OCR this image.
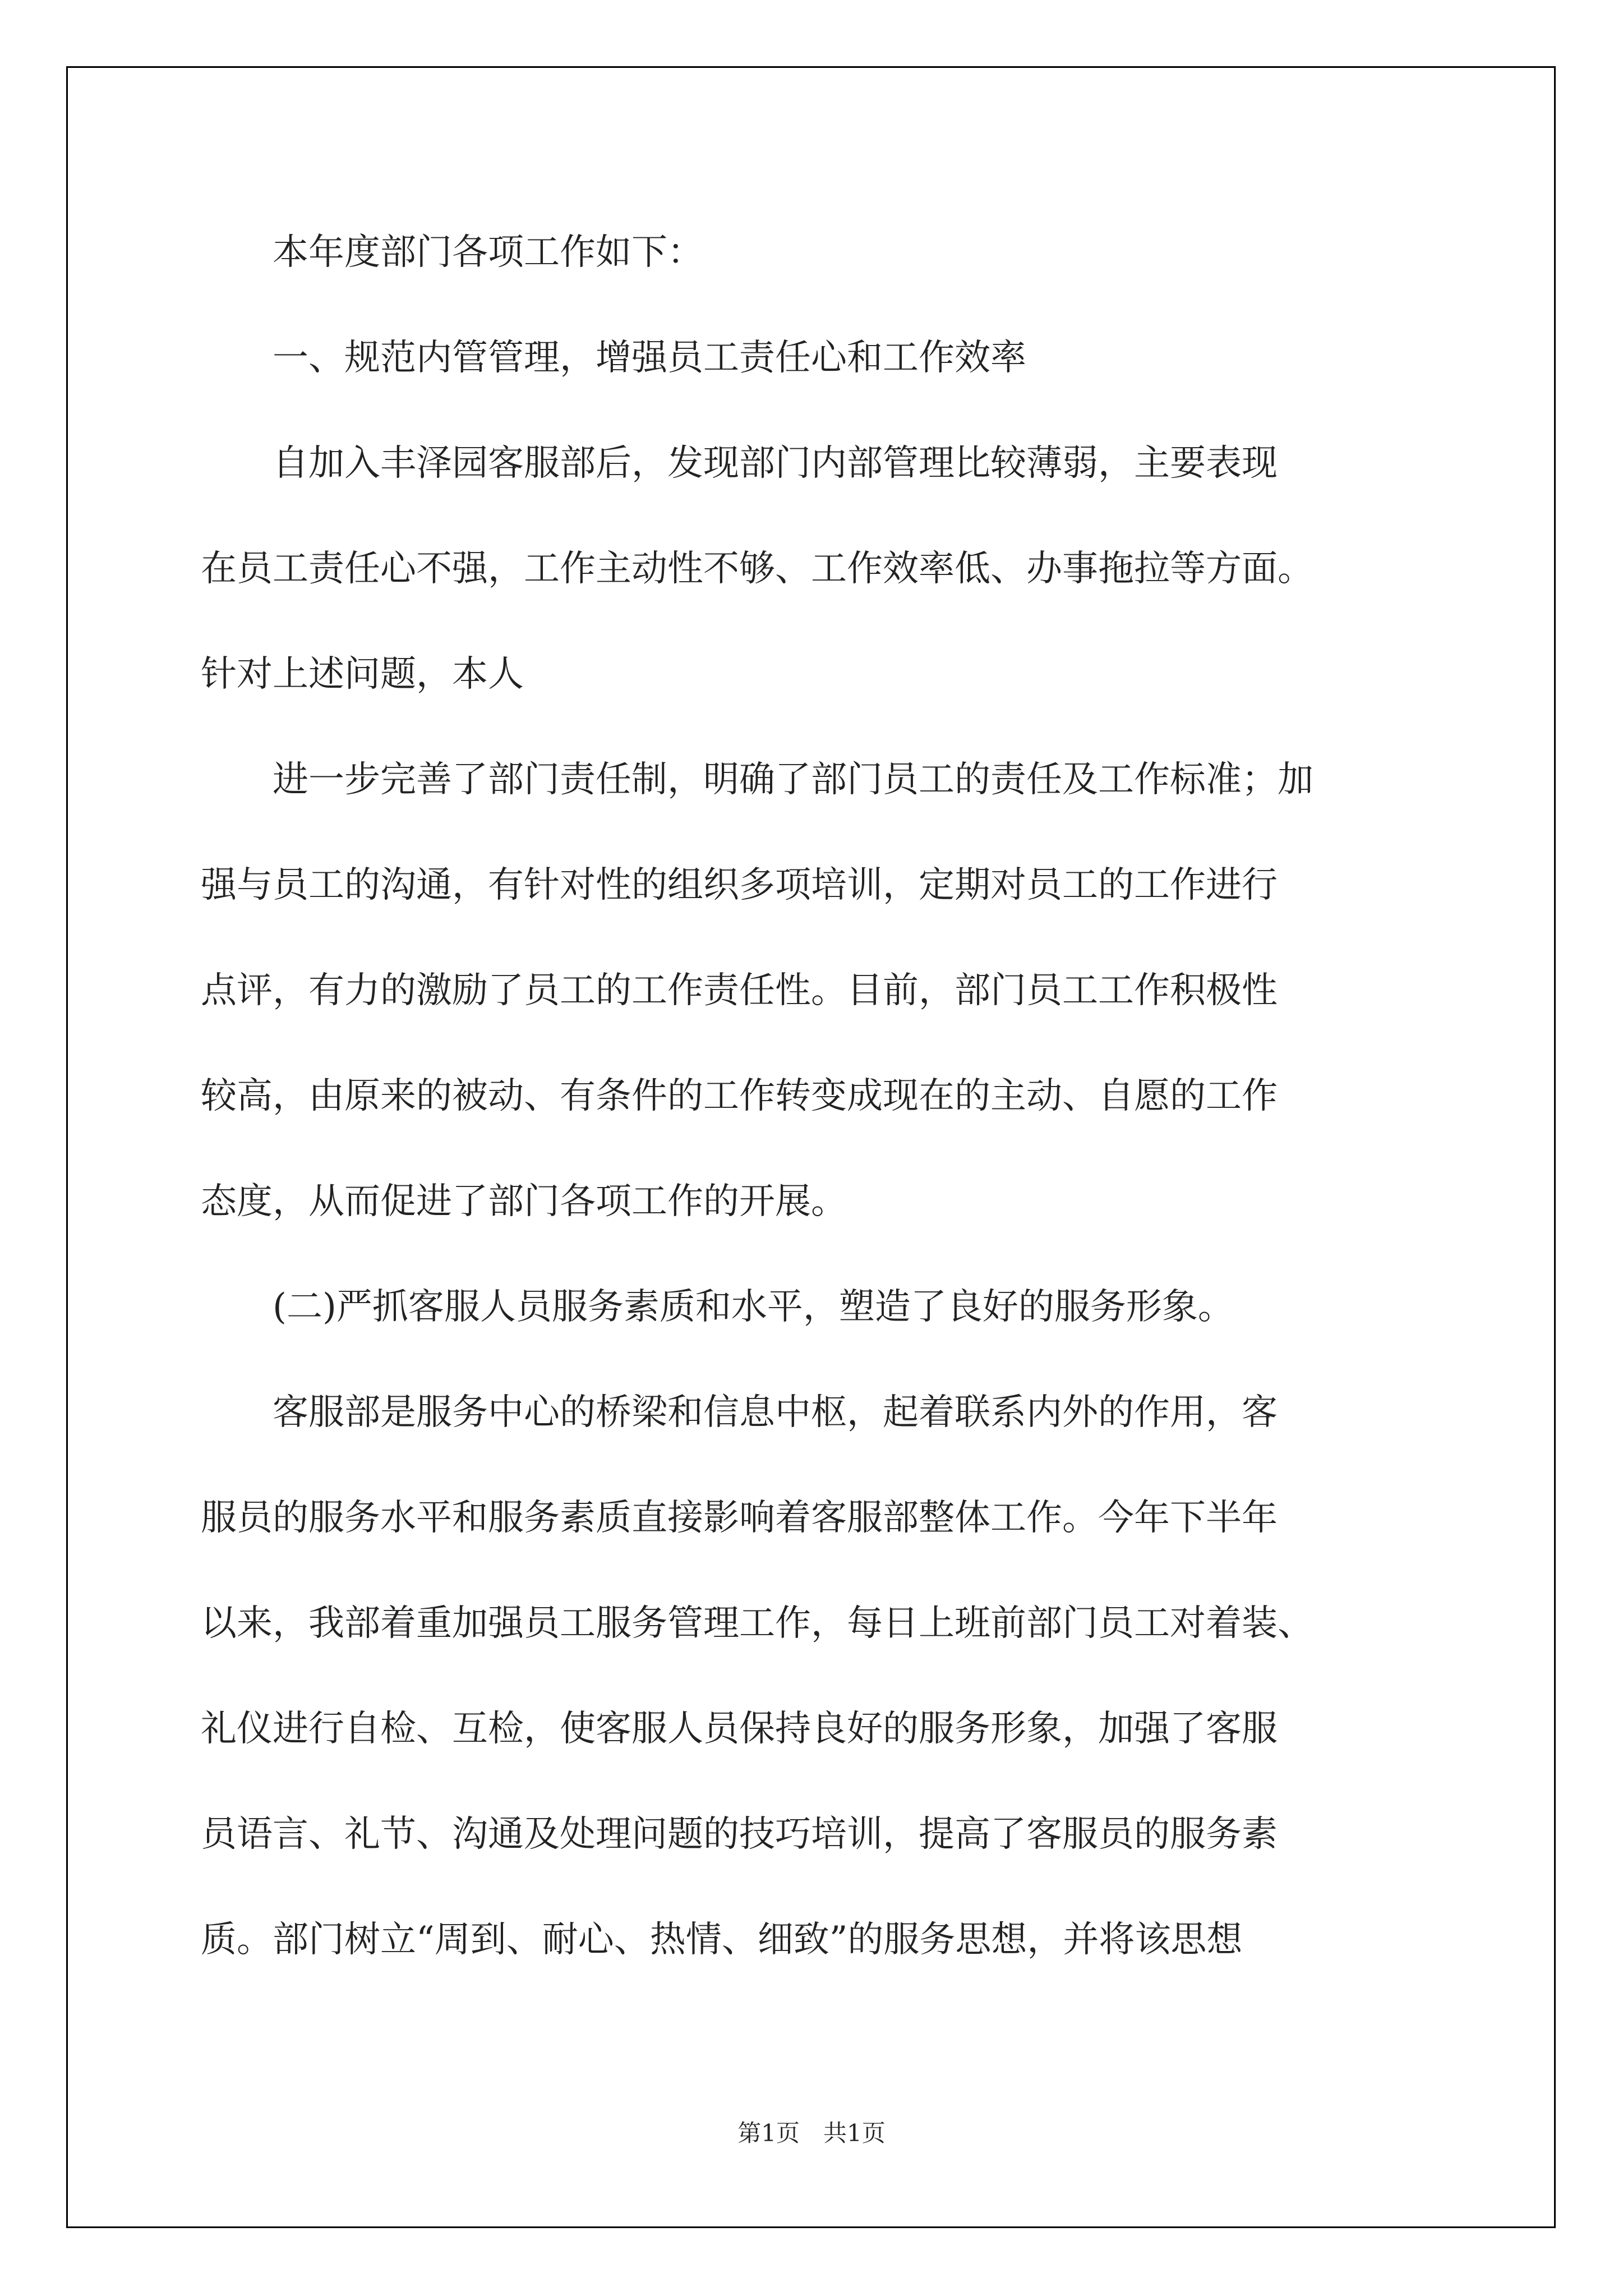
　　本年度部门各项工作如下：
　　一、规范内管管理，增强员工责任心和工作效率
　　自加入丰泽园客服部后，发现部门内部管理比较薄弱，主要表现
在员工责任心不强，工作主动性不够、工作效率低、办事拖拉等方面。
针对上述问题，本人
　　进一步完善了部门责任制，明确了部门员工的责任及工作标准；加
强与员工的沟通，有针对性的组织多项培训，定期对员工的工作进行
点评，有力的激励了员工的工作责任性。目前，部门员工工作积极性
较高，由原来的被动、有条件的工作转变成现在的主动、自愿的工作
态度，从而促进了部门各项工作的开展。
　　(二)严抓客服人员服务素质和水平，塑造了良好的服务形象。
　　客服部是服务中心的桥梁和信息中枢，起着联系内外的作用，客
服员的服务水平和服务素质直接影响着客服部整体工作。今年下半年
以来，我部着重加强员工服务管理工作，每日上班前部门员工对着装、
礼仪进行自检、互检，使客服人员保持良好的服务形象，加强了客服
员语言、礼节、沟通及处理问题的技巧培训，提高了客服员的服务素
质。部门树立“周到、耐心、热情、细致”的服务思想，并将该思想
第1页　共1页
